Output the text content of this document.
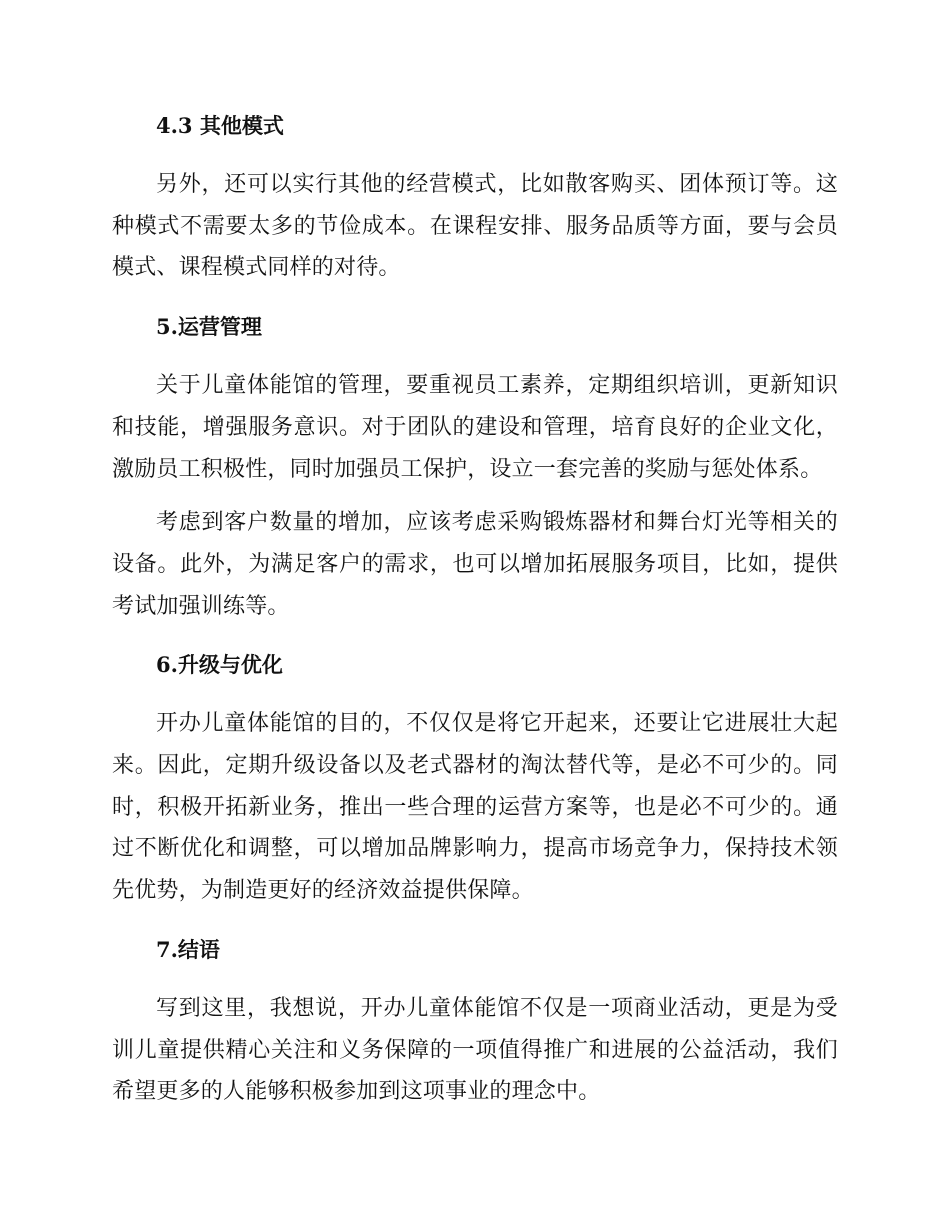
4.3 其他模式

另外，还可以实行其他的经营模式，比如散客购买、团体预订等。这种模式不需要太多的节俭成本。在课程安排、服务品质等方面，要与会员模式、课程模式同样的对待。

5.运营管理

关于儿童体能馆的管理，要重视员工素养，定期组织培训，更新知识和技能，增强服务意识。对于团队的建设和管理，培育良好的企业文化，激励员工积极性，同时加强员工保护，设立一套完善的奖励与惩处体系。

考虑到客户数量的增加，应该考虑采购锻炼器材和舞台灯光等相关的设备。此外，为满足客户的需求，也可以增加拓展服务项目，比如，提供考试加强训练等。

6.升级与优化

开办儿童体能馆的目的，不仅仅是将它开起来，还要让它进展壮大起来。因此，定期升级设备以及老式器材的淘汰替代等，是必不可少的。同时，积极开拓新业务，推出一些合理的运营方案等，也是必不可少的。通过不断优化和调整，可以增加品牌影响力，提高市场竞争力，保持技术领先优势，为制造更好的经济效益提供保障。

7.结语

写到这里，我想说，开办儿童体能馆不仅是一项商业活动，更是为受训儿童提供精心关注和义务保障的一项值得推广和进展的公益活动，我们希望更多的人能够积极参加到这项事业的理念中。
